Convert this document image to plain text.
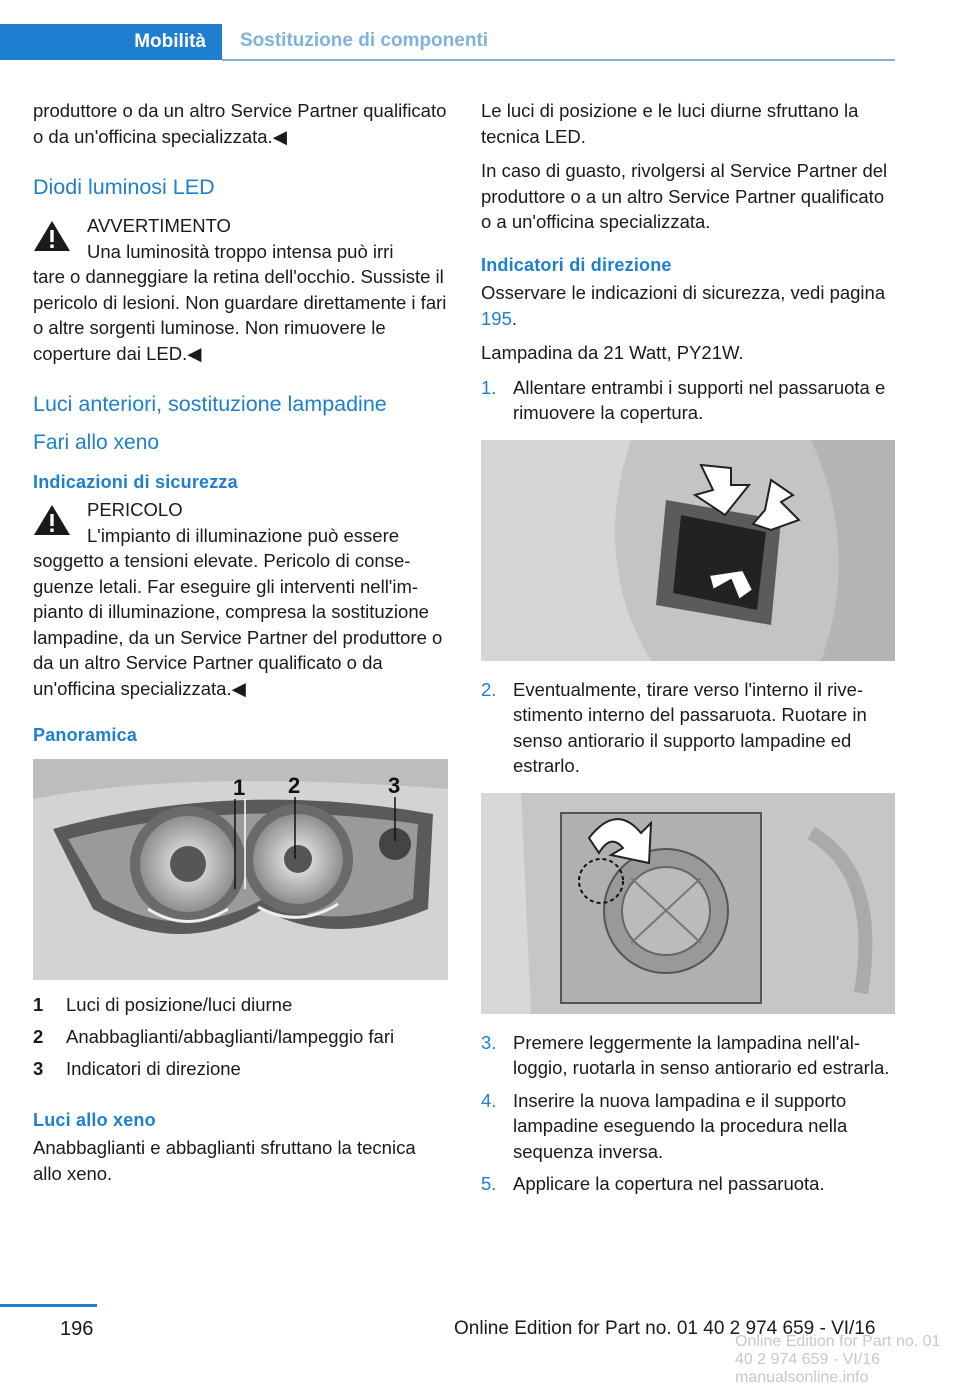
Mobilità	Sostituzione di componenti

produttore o da un altro Service Partner qualificato o da un'officina specializzata.◀

Diodi luminosi LED
AVVERTIMENTO
Una luminosità troppo intensa può irri
tare o danneggiare la retina dell'occhio. Sussiste il pericolo di lesioni. Non guardare direttamente i fari o altre sorgenti luminose. Non rimuovere le coperture dai LED.◀
Luci anteriori, sostituzione lampadine
Fari allo xeno
Indicazioni di sicurezza
PERICOLO
L'impianto di illuminazione può essere
soggetto a tensioni elevate. Pericolo di conseguenze letali. Far eseguire gli interventi nell'impianto di illuminazione, compresa la sostituzione lampadine, da un Service Partner del produttore o da un altro Service Partner qualificato o da un'officina specializzata.◀
Panoramica
1 2	3
1	Luci di posizione/luci diurne
2	Anabbaglianti/abbaglianti/lampeggio fari
3	Indicatori di direzione
Luci allo xeno

Anabbaglianti e abbaglianti sfruttano la tecnica allo xeno.

Le luci di posizione e le luci diurne sfruttano la tecnica LED.

In caso di guasto, rivolgersi al Service Partner del produttore o a un altro Service Partner qualificato o a un'officina specializzata.

Indicatori di direzione

Osservare le indicazioni di sicurezza, vedi pagina 195.

Lampadina da 21 Watt, PY21W.

1. Allentare entrambi i supporti nel passaruota e rimuovere la copertura.
2. Eventualmente, tirare verso l'interno il rivestimento interno del passaruota. Ruotare in senso antiorario il supporto lampadine ed estrarlo.
3. Premere leggermente la lampadina nell'alloggio, ruotarla in senso antiorario ed estrarla.
4. Inserire la nuova lampadina e il supporto lampadine eseguendo la procedura nella sequenza inversa.
5. Applicare la copertura nel passaruota.
196	Online Edition for Part no. 01 40 2 974 659 - VI/16
Online Edition for Part no. 01 40 2 974 659 - VI/16 manualsonline.info
